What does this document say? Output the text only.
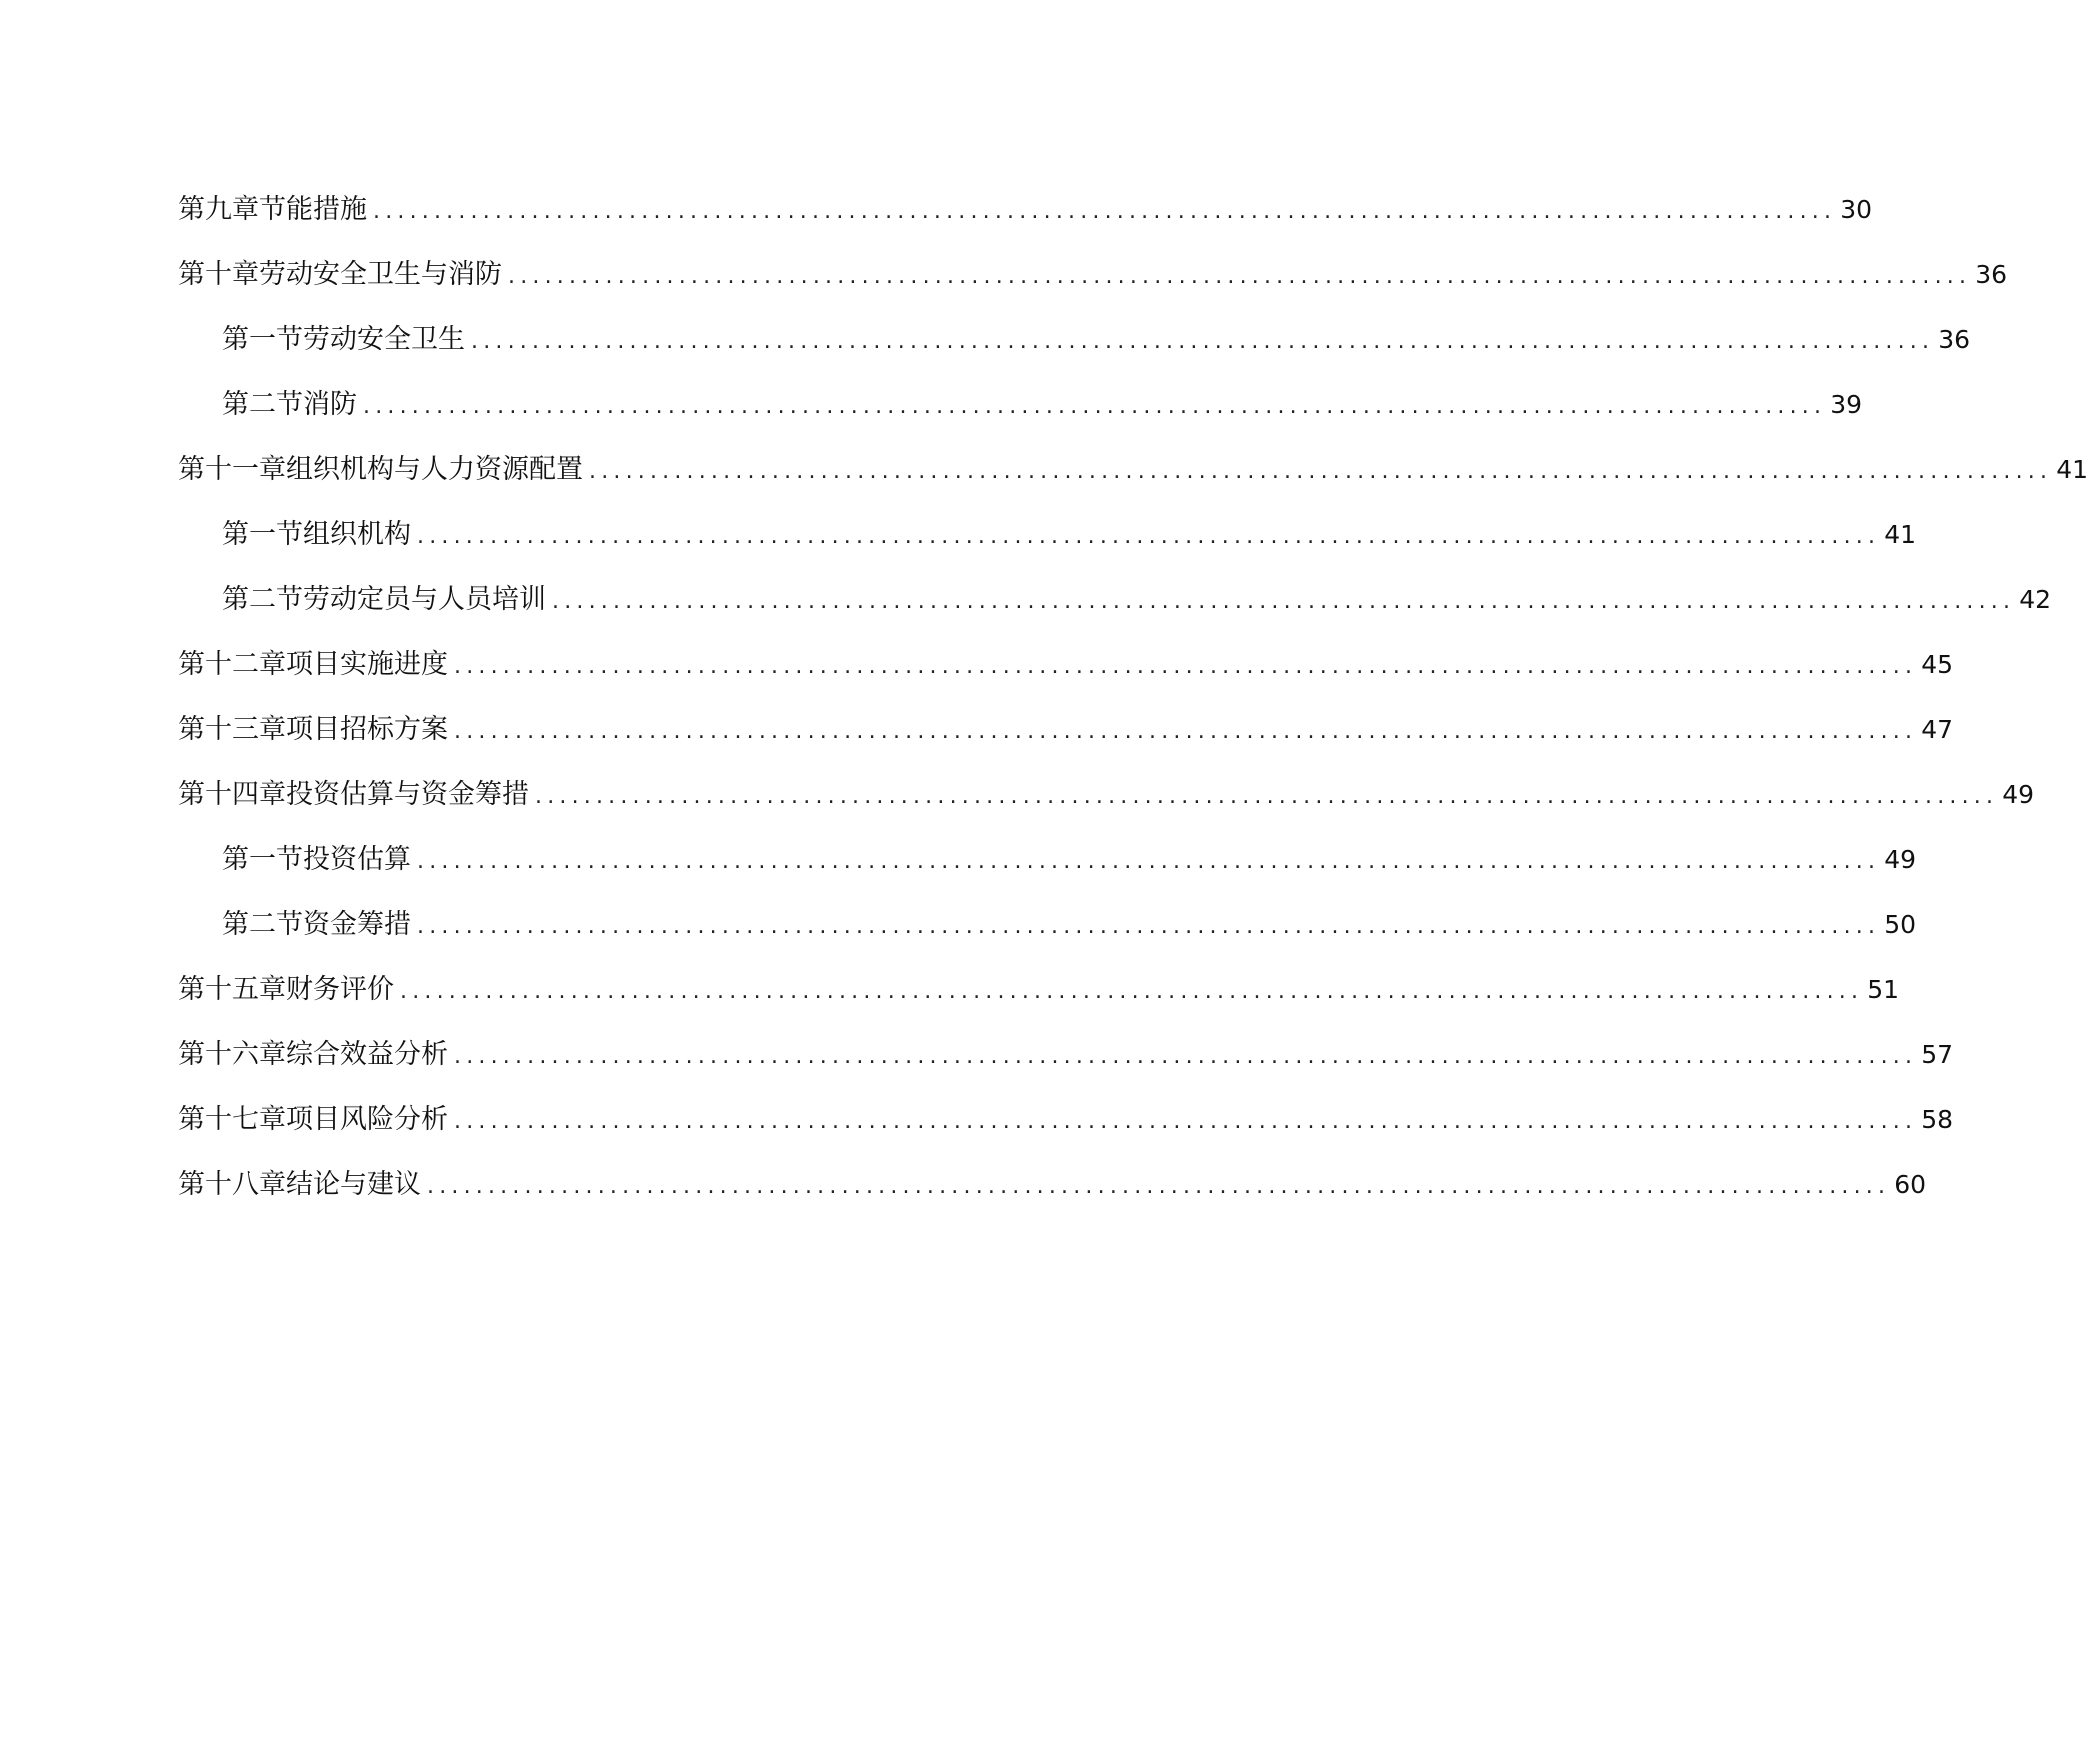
第九章 节能措施 ........................................................................................................................ 30
第十章 劳动安全卫生与消防 ........................................................................................................................ 36
第一节 劳动安全卫生 ........................................................................................................................ 36
第二节 消防 ........................................................................................................................ 39
第十一章 组织机构与人力资源配置 ........................................................................................................................ 41
第一节 组织机构 ........................................................................................................................ 41
第二节 劳动定员与人员培训 ........................................................................................................................ 42
第十二章 项目实施进度 ........................................................................................................................ 45
第十三章 项目招标方案 ........................................................................................................................ 47
第十四章 投资估算与资金筹措 ........................................................................................................................ 49
第一节 投资估算 ........................................................................................................................ 49
第二节 资金筹措 ........................................................................................................................ 50
第十五章 财务评价 ........................................................................................................................ 51
第十六章 综合效益分析 ........................................................................................................................ 57
第十七章 项目风险分析 ........................................................................................................................ 58
第十八章 结论与建议 ........................................................................................................................ 60
